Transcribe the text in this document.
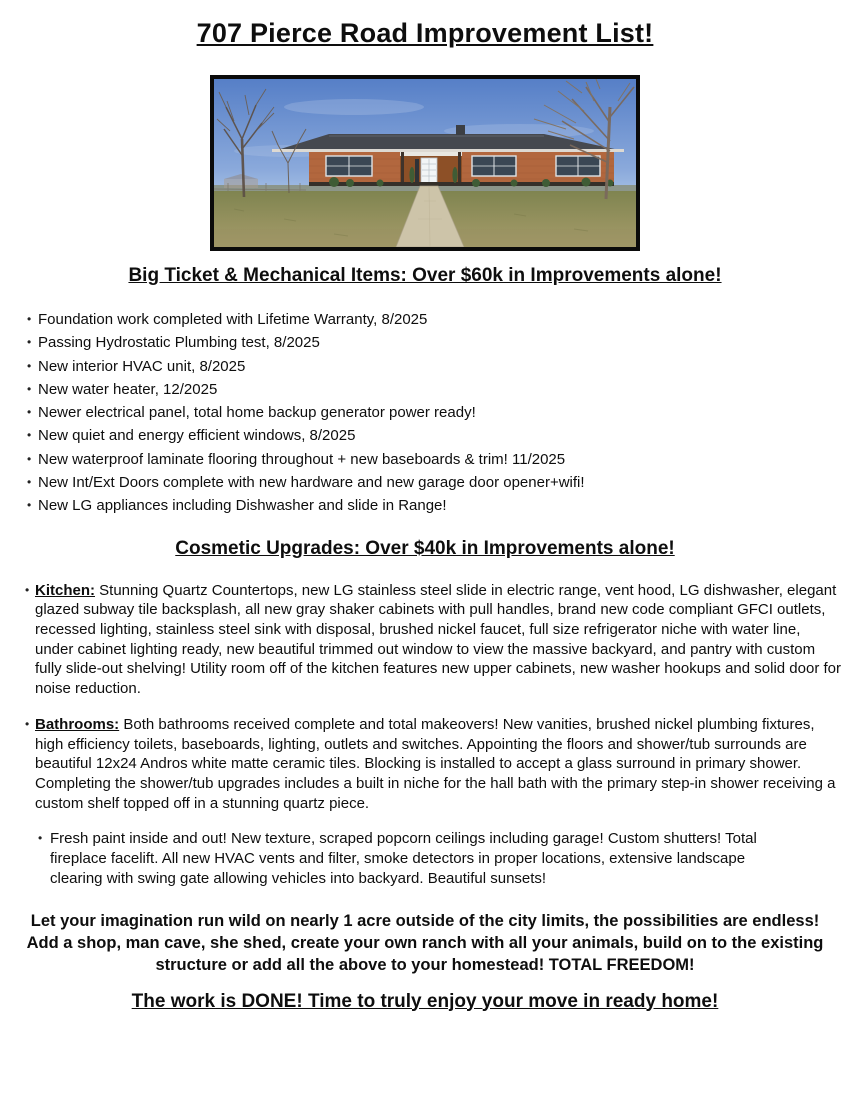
707 Pierce Road Improvement List!
Big Ticket & Mechanical Items: Over $60k in Improvements alone!
• Foundation work completed with Lifetime Warranty, 8/2025
• Passing Hydrostatic Plumbing test, 8/2025
• New interior HVAC unit, 8/2025
• New water heater, 12/2025
• Newer electrical panel, total home backup generator power ready!
• New quiet and energy efficient windows, 8/2025
• New waterproof laminate flooring throughout + new baseboards & trim! 11/2025
• New Int/Ext Doors complete with new hardware and new garage door opener+wifi!
• New LG appliances including Dishwasher and slide in Range!
Cosmetic Upgrades: Over $40k in Improvements alone!
• Kitchen: Stunning Quartz Countertops, new LG stainless steel slide in electric range, vent hood, LG dishwasher, elegant glazed subway tile backsplash, all new gray shaker cabinets with pull handles, brand new code compliant GFCI outlets, recessed lighting, stainless steel sink with disposal, brushed nickel faucet, full size refrigerator niche with water line, under cabinet lighting ready, new beautiful trimmed out window to view the massive backyard, and pantry with custom fully slide-out shelving! Utility room off of the kitchen features new upper cabinets, new washer hookups and solid door for noise reduction.
• Bathrooms: Both bathrooms received complete and total makeovers! New vanities, brushed nickel plumbing fixtures, high efficiency toilets, baseboards, lighting, outlets and switches. Appointing the floors and shower/tub surrounds are beautiful 12x24 Andros white matte ceramic tiles. Blocking is installed to accept a glass surround in primary shower. Completing the shower/tub upgrades includes a built in niche for the hall bath with the primary step-in shower receiving a custom shelf topped off in a stunning quartz piece.
• Fresh paint inside and out! New texture, scraped popcorn ceilings including garage! Custom shutters! Total fireplace facelift. All new HVAC vents and filter, smoke detectors in proper locations, extensive landscape clearing with swing gate allowing vehicles into backyard. Beautiful sunsets!

Let your imagination run wild on nearly 1 acre outside of the city limits, the possibilities are endless! Add a shop, man cave, she shed, create your own ranch with all your animals, build on to the existing structure or add all the above to your homestead! TOTAL FREEDOM!

The work is DONE! Time to truly enjoy your move in ready home!
